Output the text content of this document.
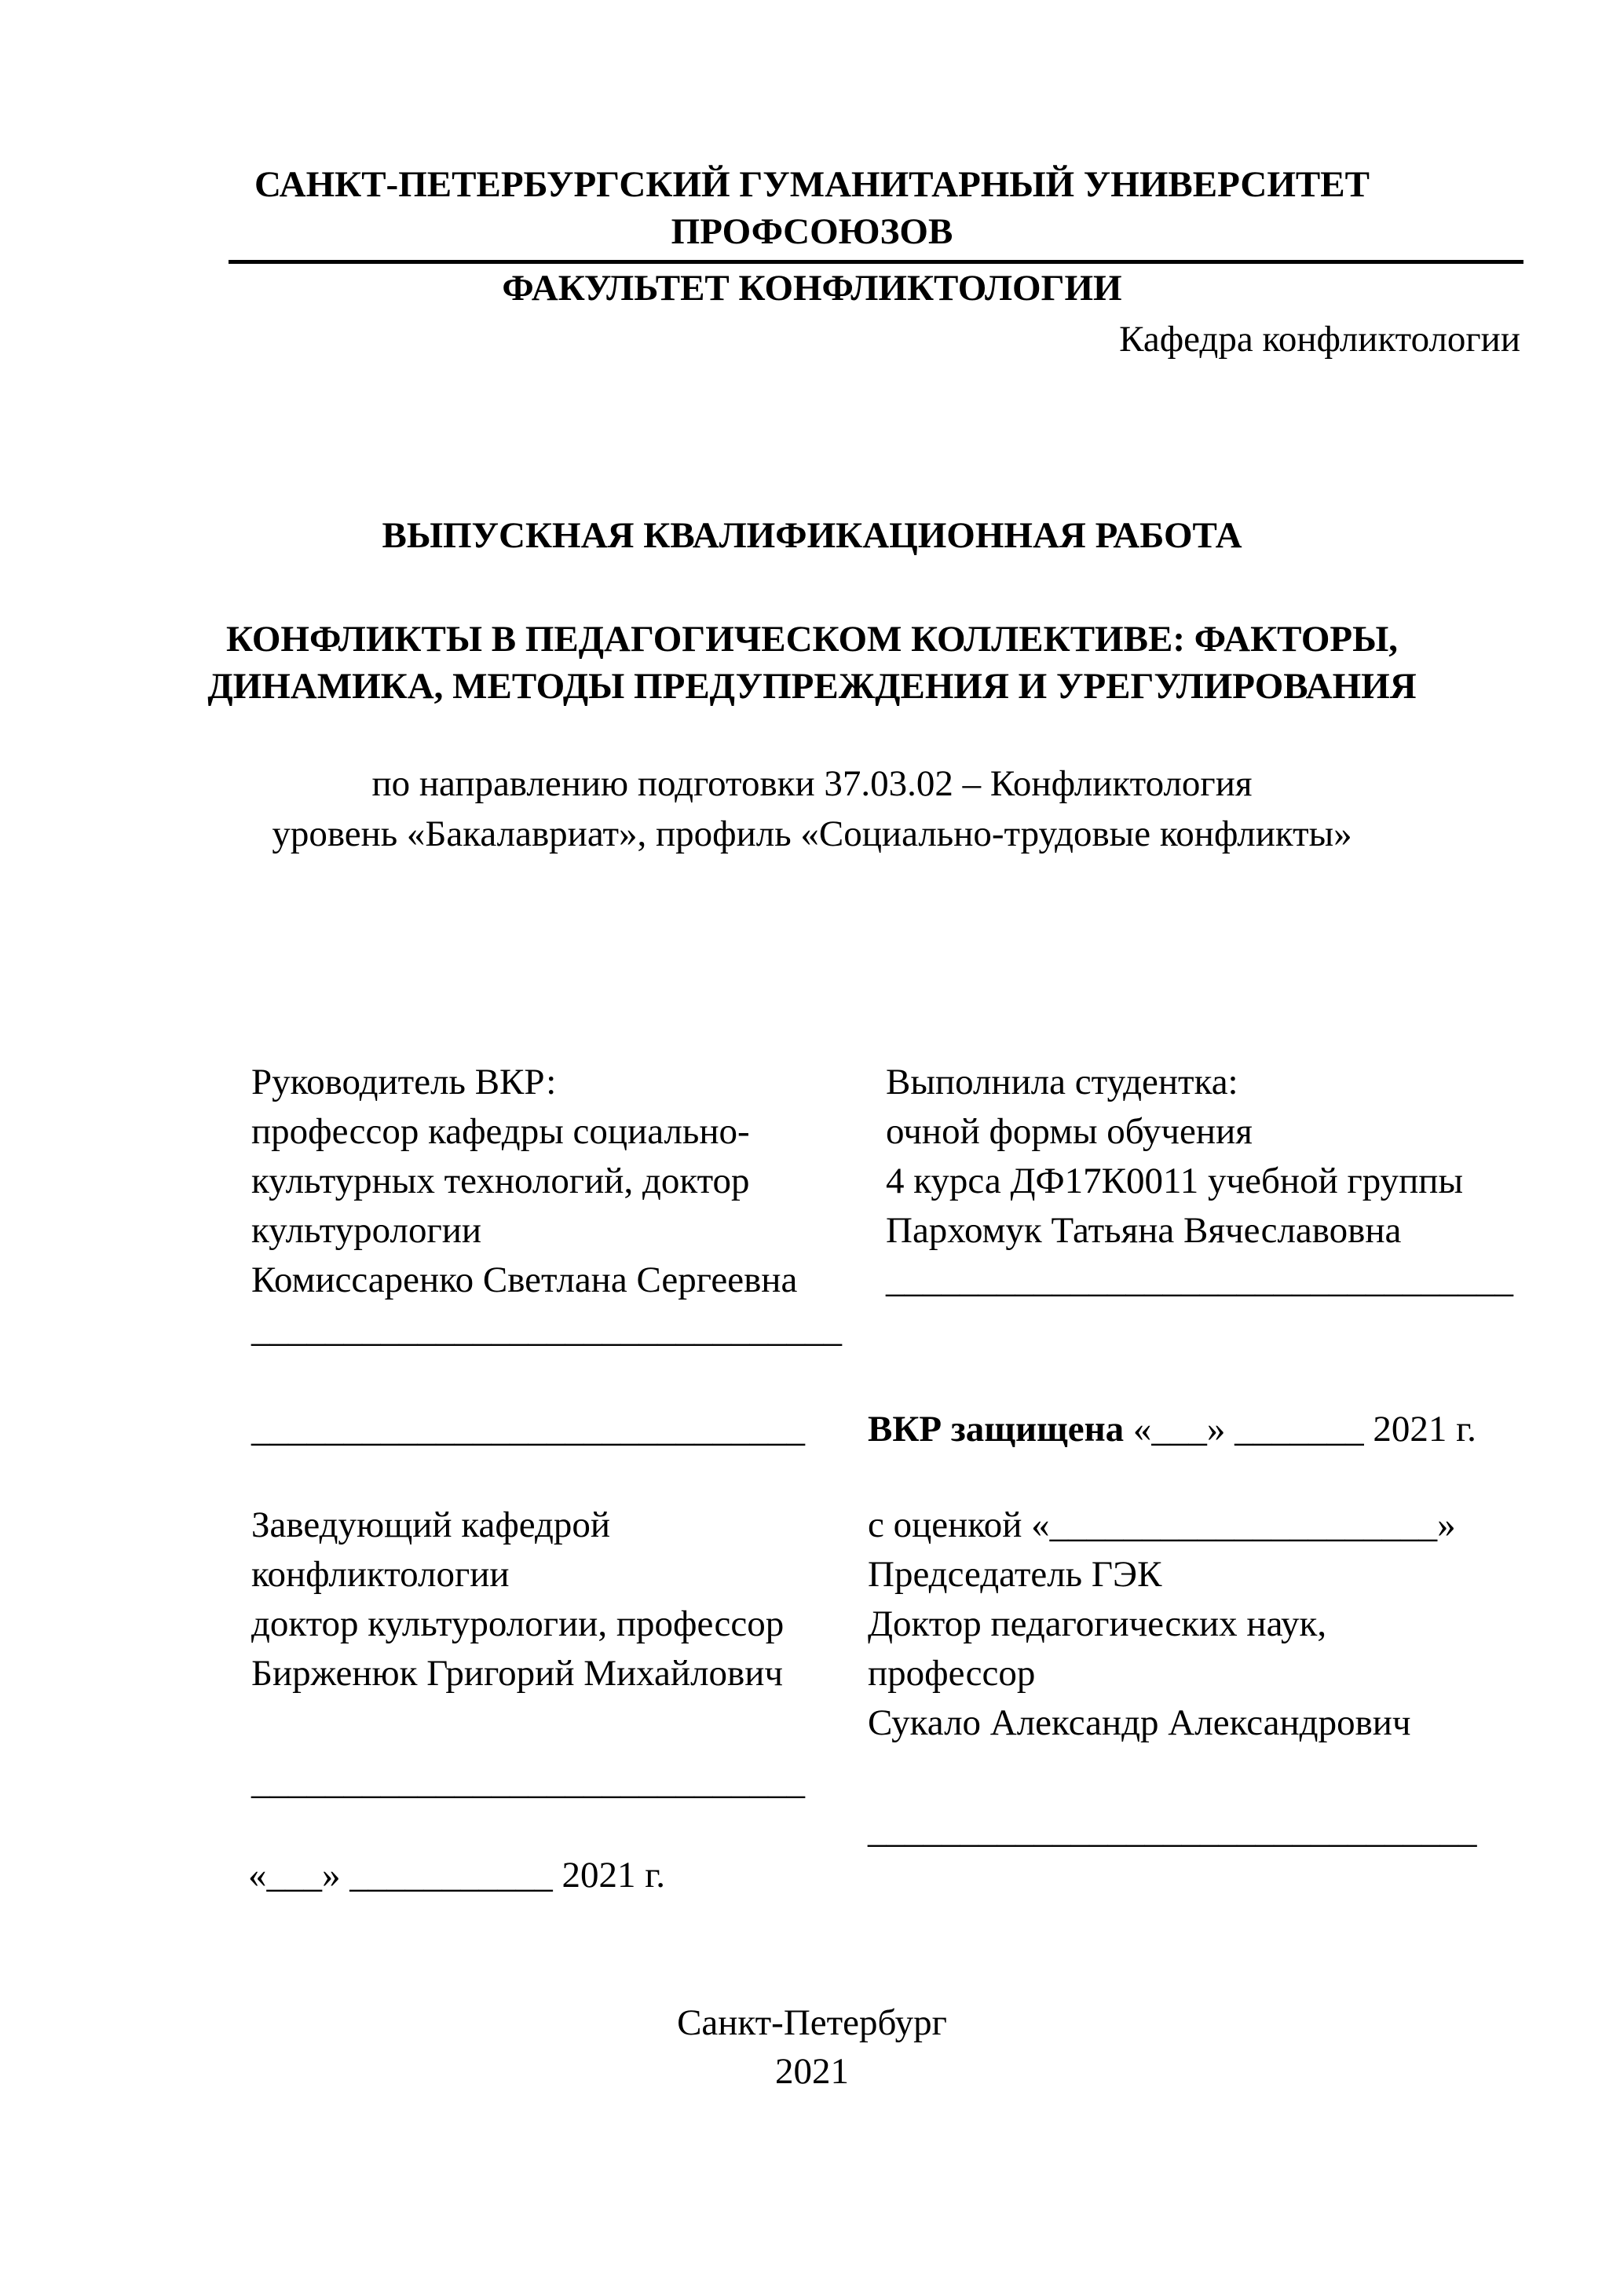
САНКТ-ПЕТЕРБУРГСКИЙ ГУМАНИТАРНЫЙ УНИВЕРСИТЕТ
ПРОФСОЮЗОВ
ФАКУЛЬТЕТ КОНФЛИКТОЛОГИИ
Кафедра конфликтологии
ВЫПУСКНАЯ КВАЛИФИКАЦИОННАЯ РАБОТА
КОНФЛИКТЫ В ПЕДАГОГИЧЕСКОМ КОЛЛЕКТИВЕ: ФАКТОРЫ,
ДИНАМИКА, МЕТОДЫ ПРЕДУПРЕЖДЕНИЯ И УРЕГУЛИРОВАНИЯ
по направлению подготовки 37.03.02 – Конфликтология
уровень «Бакалавриат», профиль «Социально-трудовые конфликты»
Руководитель ВКР:
профессор кафедры социально-
культурных технологий, доктор
культурологии
Комиссаренко Светлана Сергеевна
________________________________
Выполнила студентка:
очной формы обучения
4 курса ДФ17К0011 учебной группы
Пархомук Татьяна Вячеславовна
__________________________________
______________________________ ВКР защищена «___» _______ 2021 г.
Заведующий кафедрой
конфликтологии
доктор культурологии, профессор
Бирженюк Григорий Михайлович
______________________________
«___» ___________ 2021 г.
с оценкой «_____________________»
Председатель ГЭК
Доктор педагогических наук,
профессор
Сукало Александр Александрович
_________________________________
Санкт-Петербург
2021
